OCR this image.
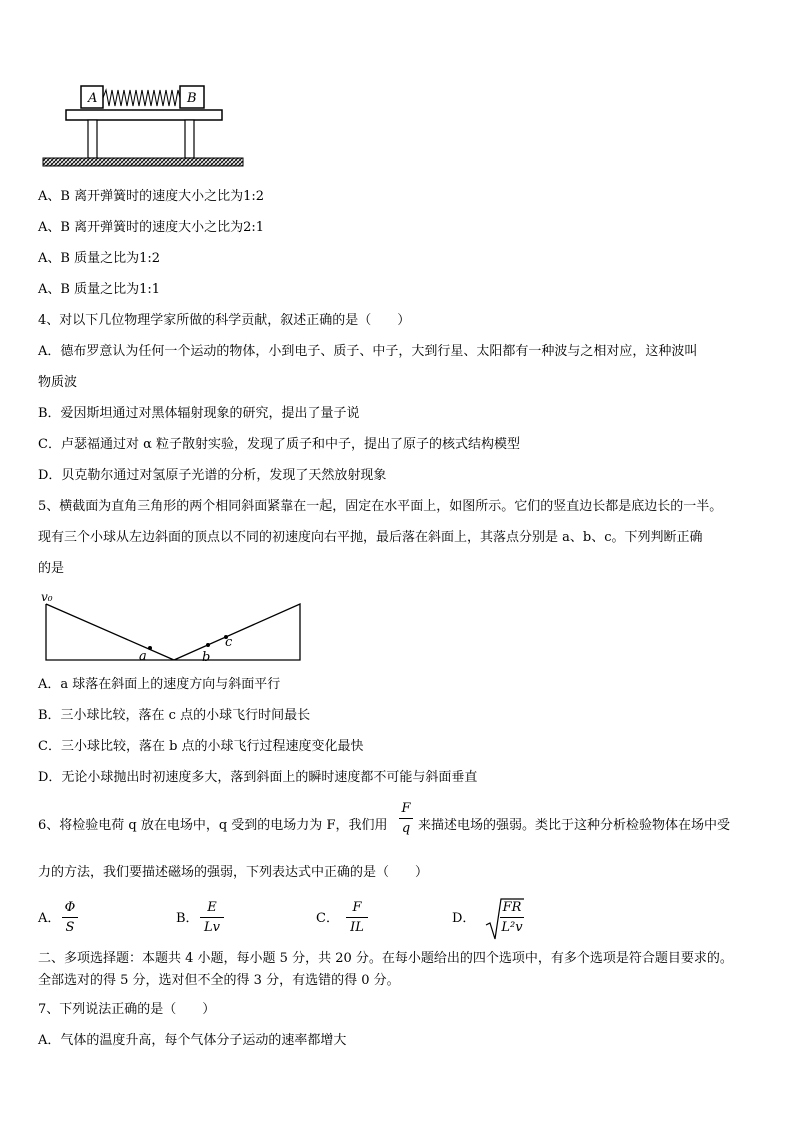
A	B
A、B 离开弹簧时的速度大小之比为1:2
A、B 离开弹簧时的速度大小之比为2:1
A、B 质量之比为1:2
A、B 质量之比为1:1
4、对以下几位物理学家所做的科学贡献，叙述正确的是（　　）
A．德布罗意认为任何一个运动的物体，小到电子、质子、中子，大到行星、太阳都有一种波与之相对应，这种波叫
物质波
B．爱因斯坦通过对黑体辐射现象的研究，提出了量子说
C．卢瑟福通过对 α 粒子散射实验，发现了质子和中子，提出了原子的核式结构模型
D．贝克勒尔通过对氢原子光谱的分析，发现了天然放射现象
5、横截面为直角三角形的两个相同斜面紧靠在一起，固定在水平面上，如图所示。它们的竖直边长都是底边长的一半。
现有三个小球从左边斜面的顶点以不同的初速度向右平抛，最后落在斜面上，其落点分别是 a、b、c。下列判断正确
的是
v₀
a	b
c
A．a 球落在斜面上的速度方向与斜面平行
B．三小球比较，落在 c 点的小球飞行时间最长
C．三小球比较，落在 b 点的小球飞行过程速度变化最快
D．无论小球抛出时初速度多大，落到斜面上的瞬时速度都不可能与斜面垂直
6、将检验电荷 q 放在电场中，q 受到的电场力为 F，我们用
F
q 来描述电场的强弱。类比于这种分析检验物体在场中受
力的方法，我们要描述磁场的强弱，下列表达式中正确的是（　　）
A．
Φ
S
B．
E
Lv
C．
F
IL
D．
FR
L²v
二、多项选择题：本题共 4 小题，每小题 5 分，共 20 分。在每小题给出的四个选项中，有多个选项是符合题目要求的。
全部选对的得 5 分，选对但不全的得 3 分，有选错的得 0 分。
7、下列说法正确的是（　　）
A．气体的温度升高，每个气体分子运动的速率都增大
